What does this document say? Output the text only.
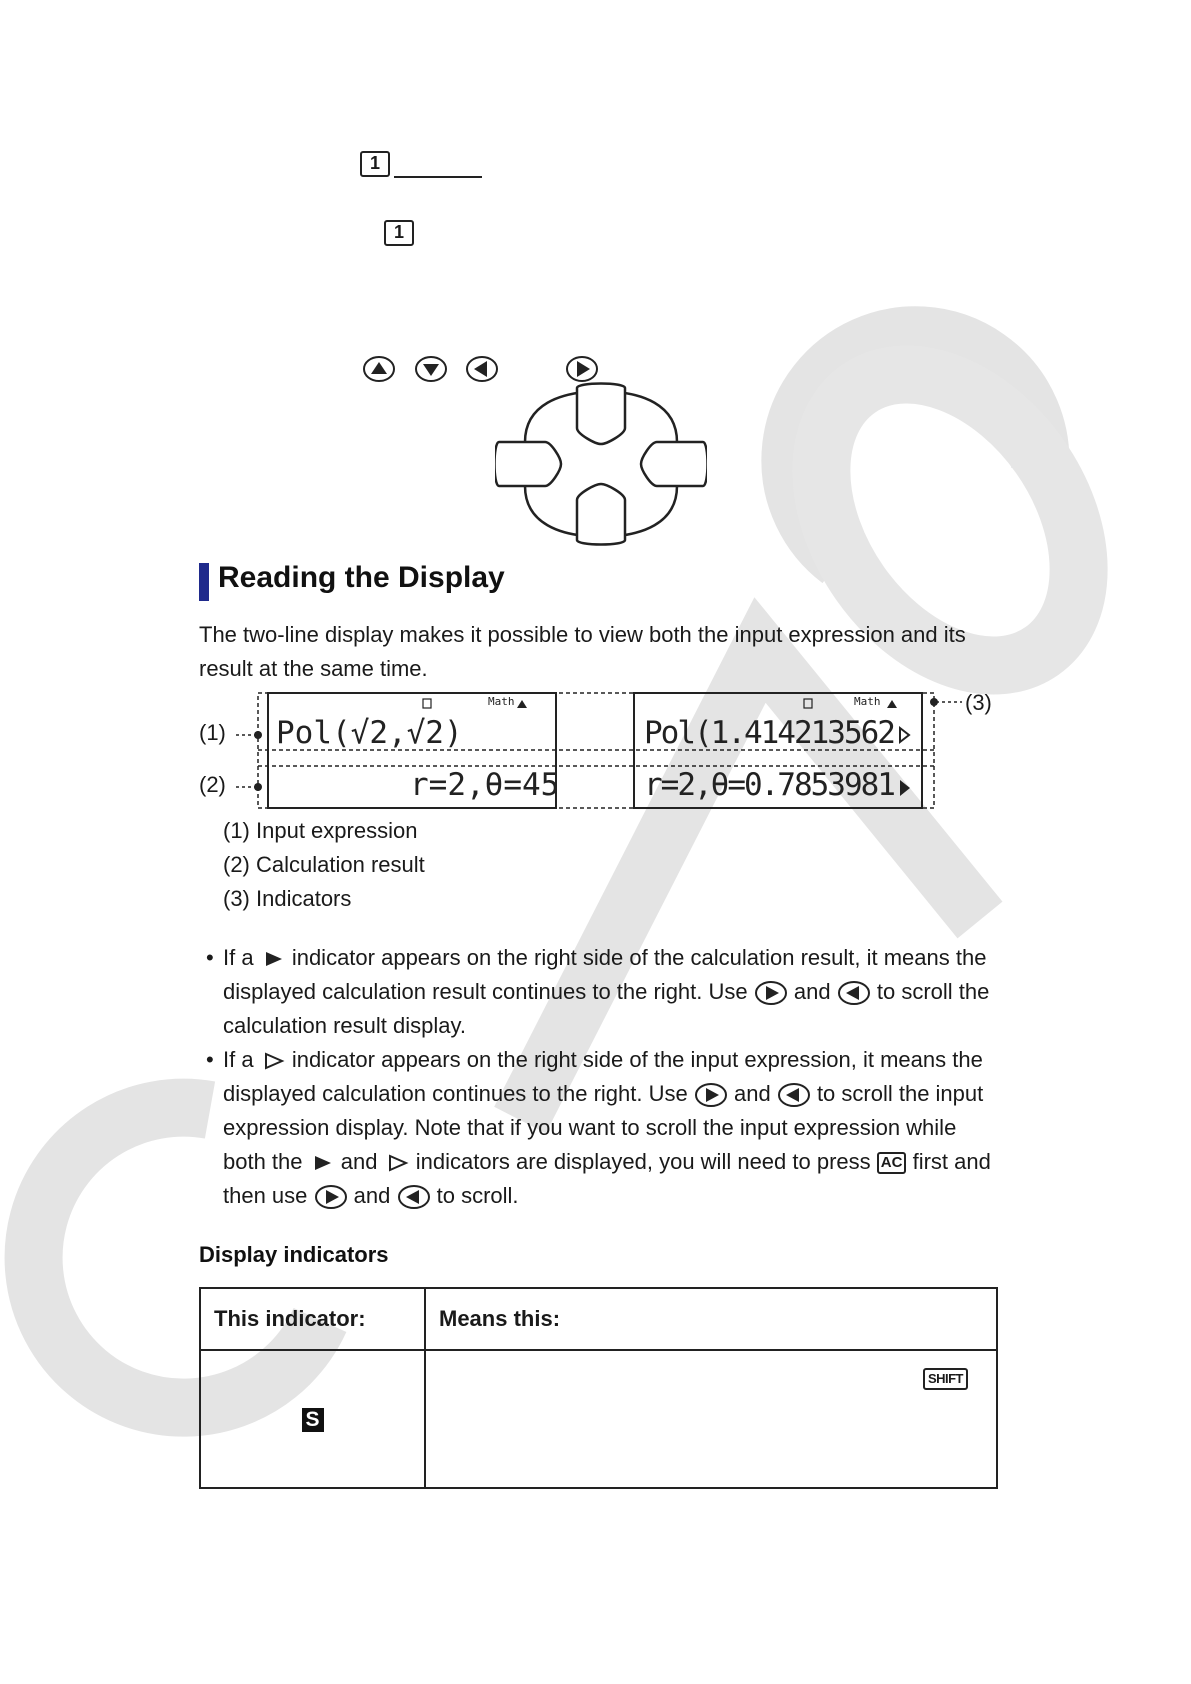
1
1
Reading the Display
The two-line display makes it possible to view both the input expression and its result at the same time.
(1)
(2)
(3)
Math	Math
Pol(√2,√2)
r=2,θ=45
Pol(1.414213562
r=2,θ=0.7853981
(1) Input expression
(2) Calculation result
(3) Indicators
• If a indicator appears on the right side of the calculation result, it means the displayed calculation result continues to the right. Use and to scroll the calculation result display.
• If a indicator appears on the right side of the input expression, it means the displayed calculation continues to the right. Use and to scroll the input expression display. Note that if you want to scroll the input expression while both the and indicators are displayed, you will need to press AC first and then use and to scroll.
Display indicators
This indicator:	Means this:
S	SHIFT
